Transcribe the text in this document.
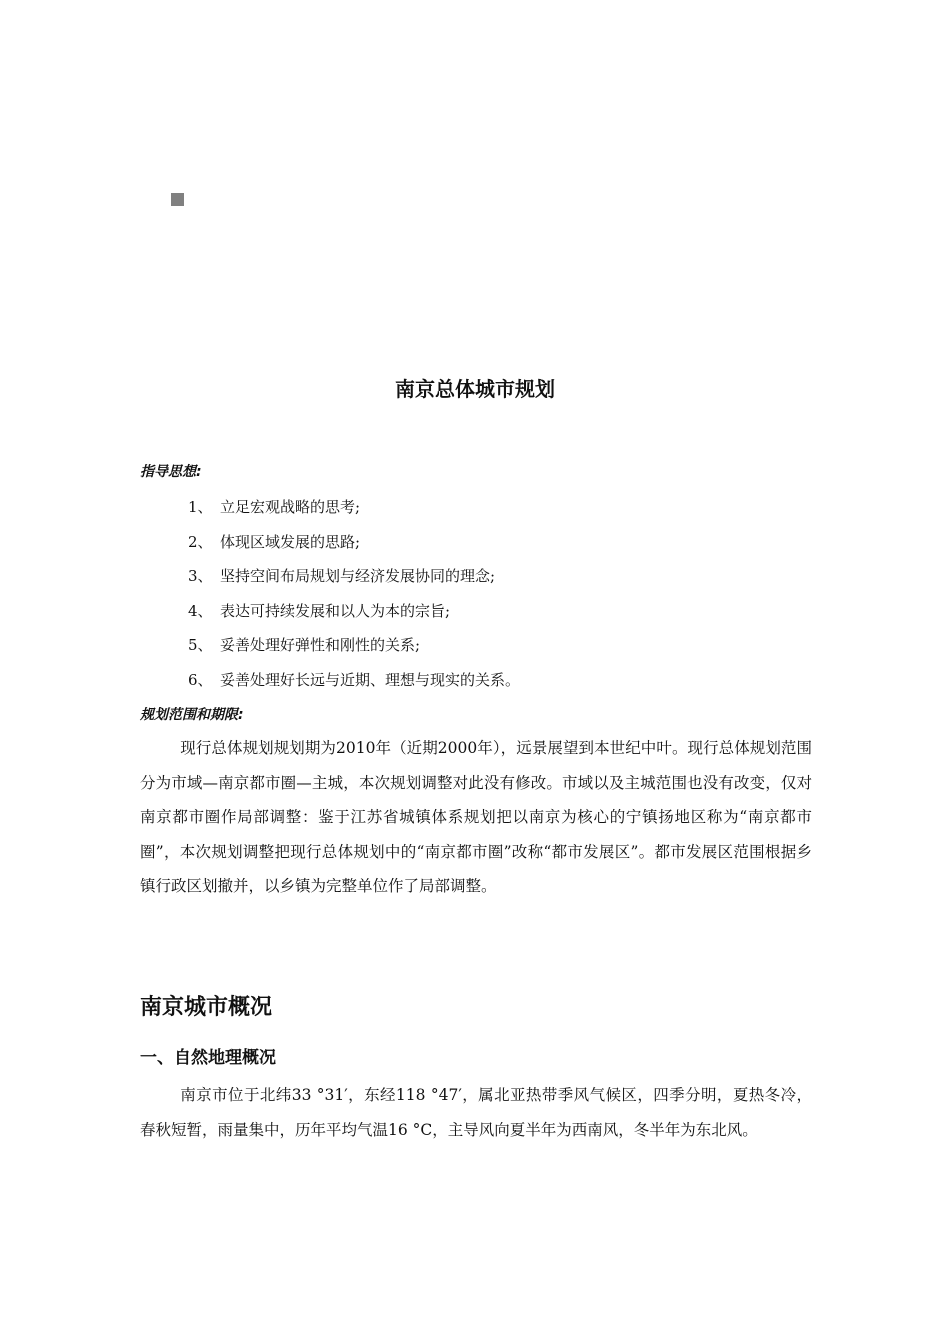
南京总体城市规划
指导思想:
1、 立足宏观战略的思考;
2、 体现区域发展的思路;
3、 坚持空间布局规划与经济发展协同的理念;
4、 表达可持续发展和以人为本的宗旨;
5、 妥善处理好弹性和刚性的关系;
6、 妥善处理好长远与近期、理想与现实的关系。
规划范围和期限:

现行总体规划规划期为2010年（近期2000年），远景展望到本世纪中叶。现行总体规划范围分为市域—南京都市圈—主城，本次规划调整对此没有修改。市域以及主城范围也没有改变，仅对南京都市圈作局部调整：鉴于江苏省城镇体系规划把以南京为核心的宁镇扬地区称为“南京都市圈”，本次规划调整把现行总体规划中的“南京都市圈”改称“都市发展区”。都市发展区范围根据乡镇行政区划撤并，以乡镇为完整单位作了局部调整。

南京城市概况
一、自然地理概况

南京市位于北纬33 °31′，东经118 °47′，属北亚热带季风气候区，四季分明，夏热冬冷，春秋短暂，雨量集中，历年平均气温16 °C，主导风向夏半年为西南风，冬半年为东北风。
